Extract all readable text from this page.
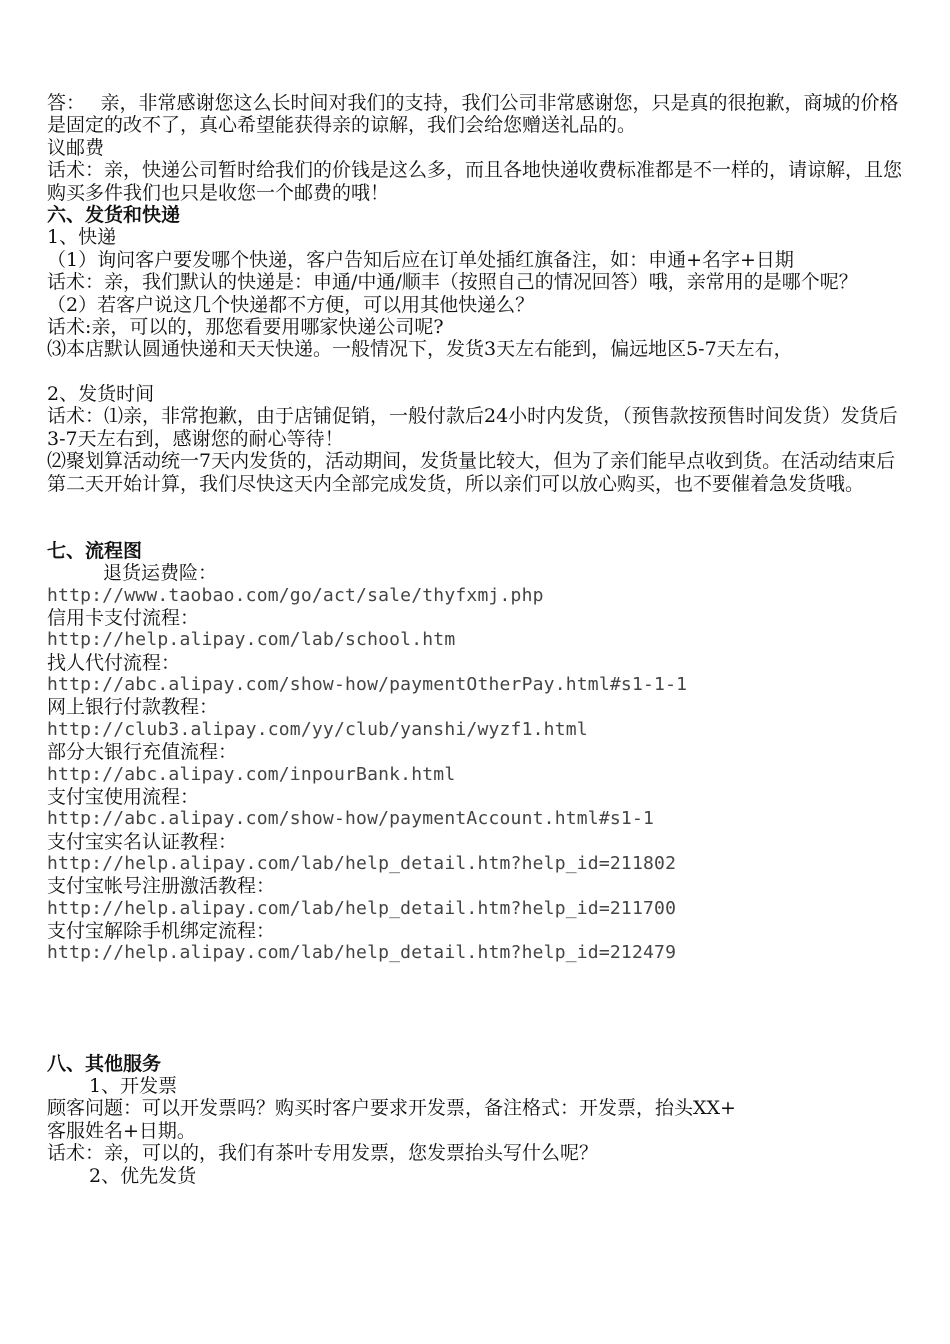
答：　 亲，非常感谢您这么长时间对我们的支持，我们公司非常感谢您，只是真的很抱歉，商城的价格是固定的改不了，真心希望能获得亲的谅解，我们会给您赠送礼品的。

议邮费

话术：亲，快递公司暂时给我们的价钱是这么多，而且各地快递收费标准都是不一样的，请谅解，且您购买多件我们也只是收您一个邮费的哦！

六、发货和快递

1、快递

（1）询问客户要发哪个快递，客户告知后应在订单处插红旗备注，如：申通+名字+日期

话术：亲，我们默认的快递是：申通/中通/顺丰（按照自己的情况回答）哦，亲常用的是哪个呢？

（2）若客户说这几个快递都不方便，可以用其他快递么？

话术:亲，可以的，那您看要用哪家快递公司呢?

⑶本店默认圆通快递和天天快递。一般情况下，发货3天左右能到，偏远地区5-7天左右，

2、发货时间

话术：⑴亲，非常抱歉，由于店铺促销，一般付款后24小时内发货，（预售款按预售时间发货）发货后3-7天左右到，感谢您的耐心等待！

⑵聚划算活动统一7天内发货的，活动期间，发货量比较大，但为了亲们能早点收到货。在活动结束后第二天开始计算，我们尽快这天内全部完成发货，所以亲们可以放心购买，也不要催着急发货哦。

七、流程图

退货运费险：

http://www.taobao.com/go/act/sale/thyfxmj.php

信用卡支付流程：

http://help.alipay.com/lab/school.htm

找人代付流程：

http://abc.alipay.com/show-how/paymentOtherPay.html#s1-1-1

网上银行付款教程：

http://club3.alipay.com/yy/club/yanshi/wyzf1.html

部分大银行充值流程：

http://abc.alipay.com/inpourBank.html

支付宝使用流程：

http://abc.alipay.com/show-how/paymentAccount.html#s1-1

支付宝实名认证教程：

http://help.alipay.com/lab/help_detail.htm?help_id=211802

支付宝帐号注册激活教程：

http://help.alipay.com/lab/help_detail.htm?help_id=211700

支付宝解除手机绑定流程：

http://help.alipay.com/lab/help_detail.htm?help_id=212479

八、其他服务

1、开发票

顾客问题：可以开发票吗？购买时客户要求开发票，备注格式：开发票，抬头XX+

客服姓名+日期。

话术：亲，可以的，我们有茶叶专用发票，您发票抬头写什么呢？

2、优先发货
